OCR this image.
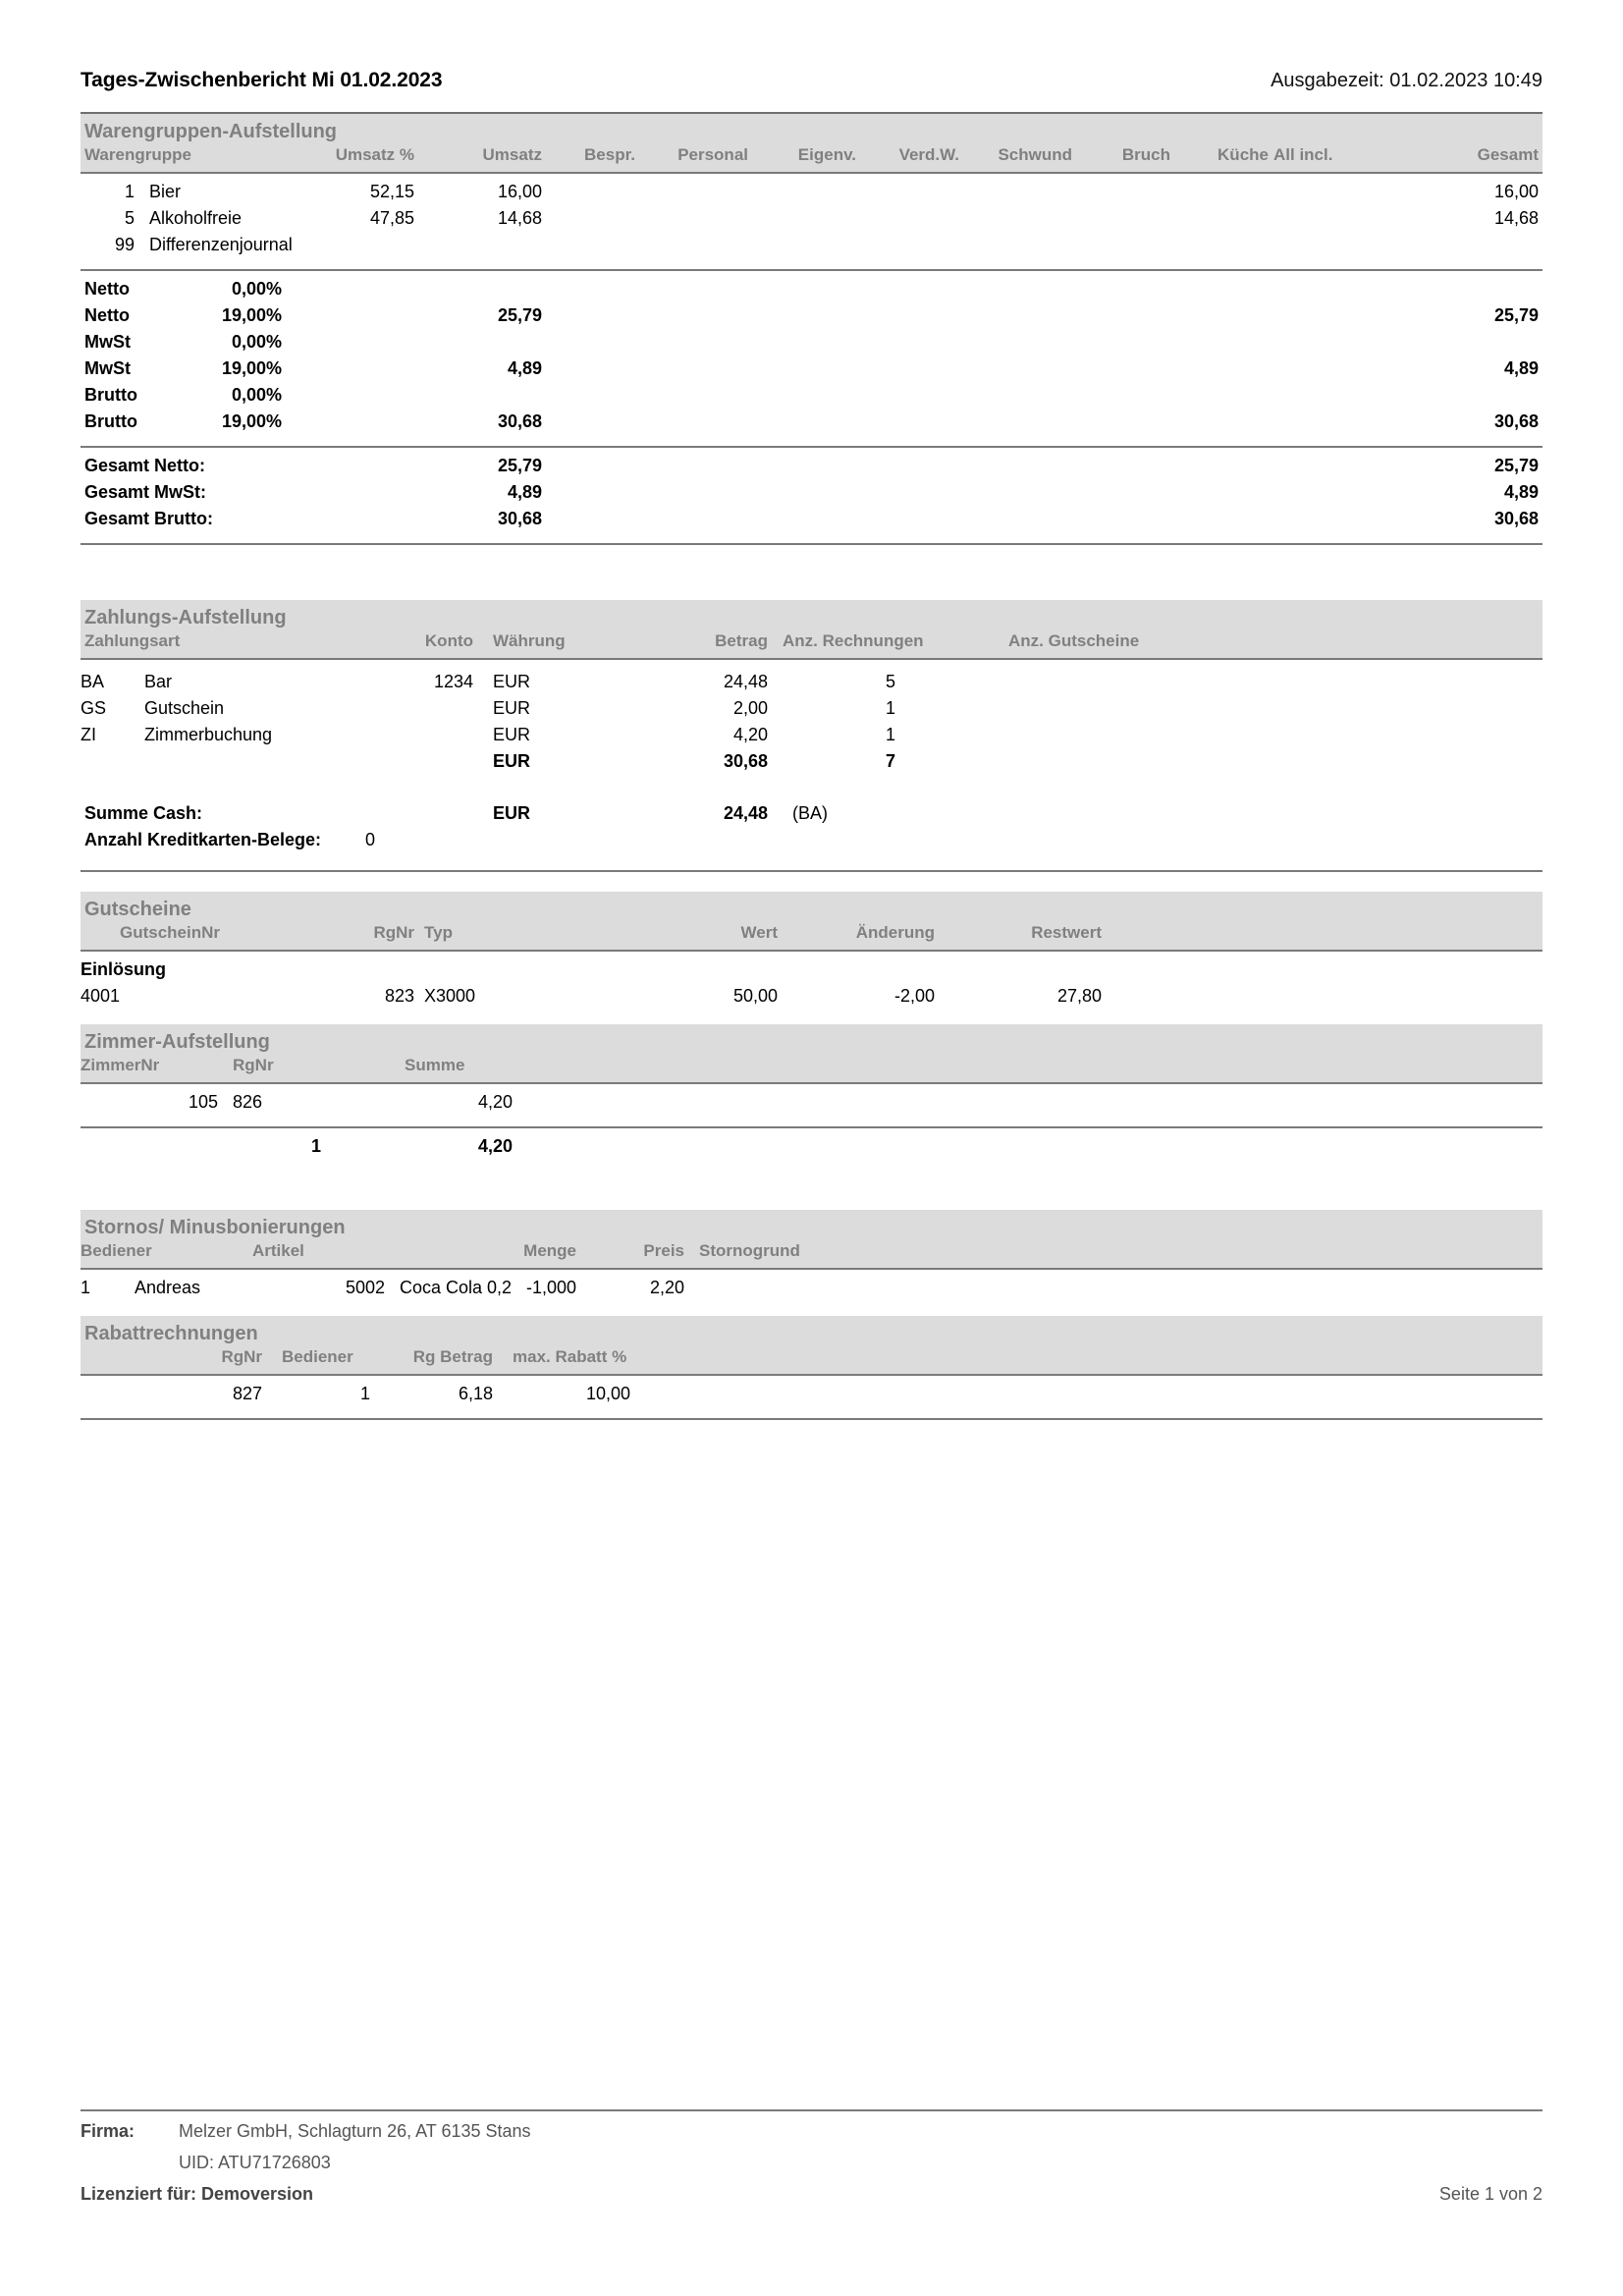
Tages-Zwischenbericht Mi 01.02.2023	Ausgabezeit: 01.02.2023 10:49
Warengruppen-Aufstellung
Warengruppe	Umsatz %	Umsatz	Bespr.	Personal	Eigenv.	Verd.W.	Schwund	Bruch	Küche All incl.	Gesamt
1 Bier	52,15	16,00	16,00
5 Alkoholfreie	47,85	14,68	14,68
99 Differenzenjournal
Netto	0,00%
Netto	19,00%	25,79	25,79
MwSt	0,00%
MwSt	19,00%	4,89	4,89
Brutto	0,00%
Brutto	19,00%	30,68	30,68
Gesamt Netto:	25,79	25,79
Gesamt MwSt:	4,89	4,89
Gesamt Brutto:	30,68	30,68
Zahlungs-Aufstellung
Zahlungsart	Konto Währung	Betrag Anz. Rechnungen	Anz. Gutscheine
BA Bar	1234 EUR	24,48	5
GS Gutschein	EUR	2,00	1
ZI	Zimmerbuchung	EUR	4,20	1
EUR	30,68	7
Summe Cash:	EUR	24,48 (BA)
Anzahl Kreditkarten-Belege: 0
Gutscheine
GutscheinNr	RgNr Typ	Wert	Änderung	Restwert
Einlösung
4001	823 X3000	50,00	-2,00	27,80
Zimmer-Aufstellung
ZimmerNr	RgNr	Summe
105 826	4,20
1	4,20
Stornos/ Minusbonierungen
Bediener	Artikel	Menge	Preis Stornogrund
1 Andreas	5002 Coca Cola 0,2 -1,000	2,20
Rabattrechnungen
RgNr Bediener	Rg Betrag max. Rabatt %
827	1	6,18	10,00
Firma: Melzer GmbH, Schlagturn 26, AT 6135 Stans
UID: ATU71726803
Lizenziert für: Demoversion	Seite 1 von 2
